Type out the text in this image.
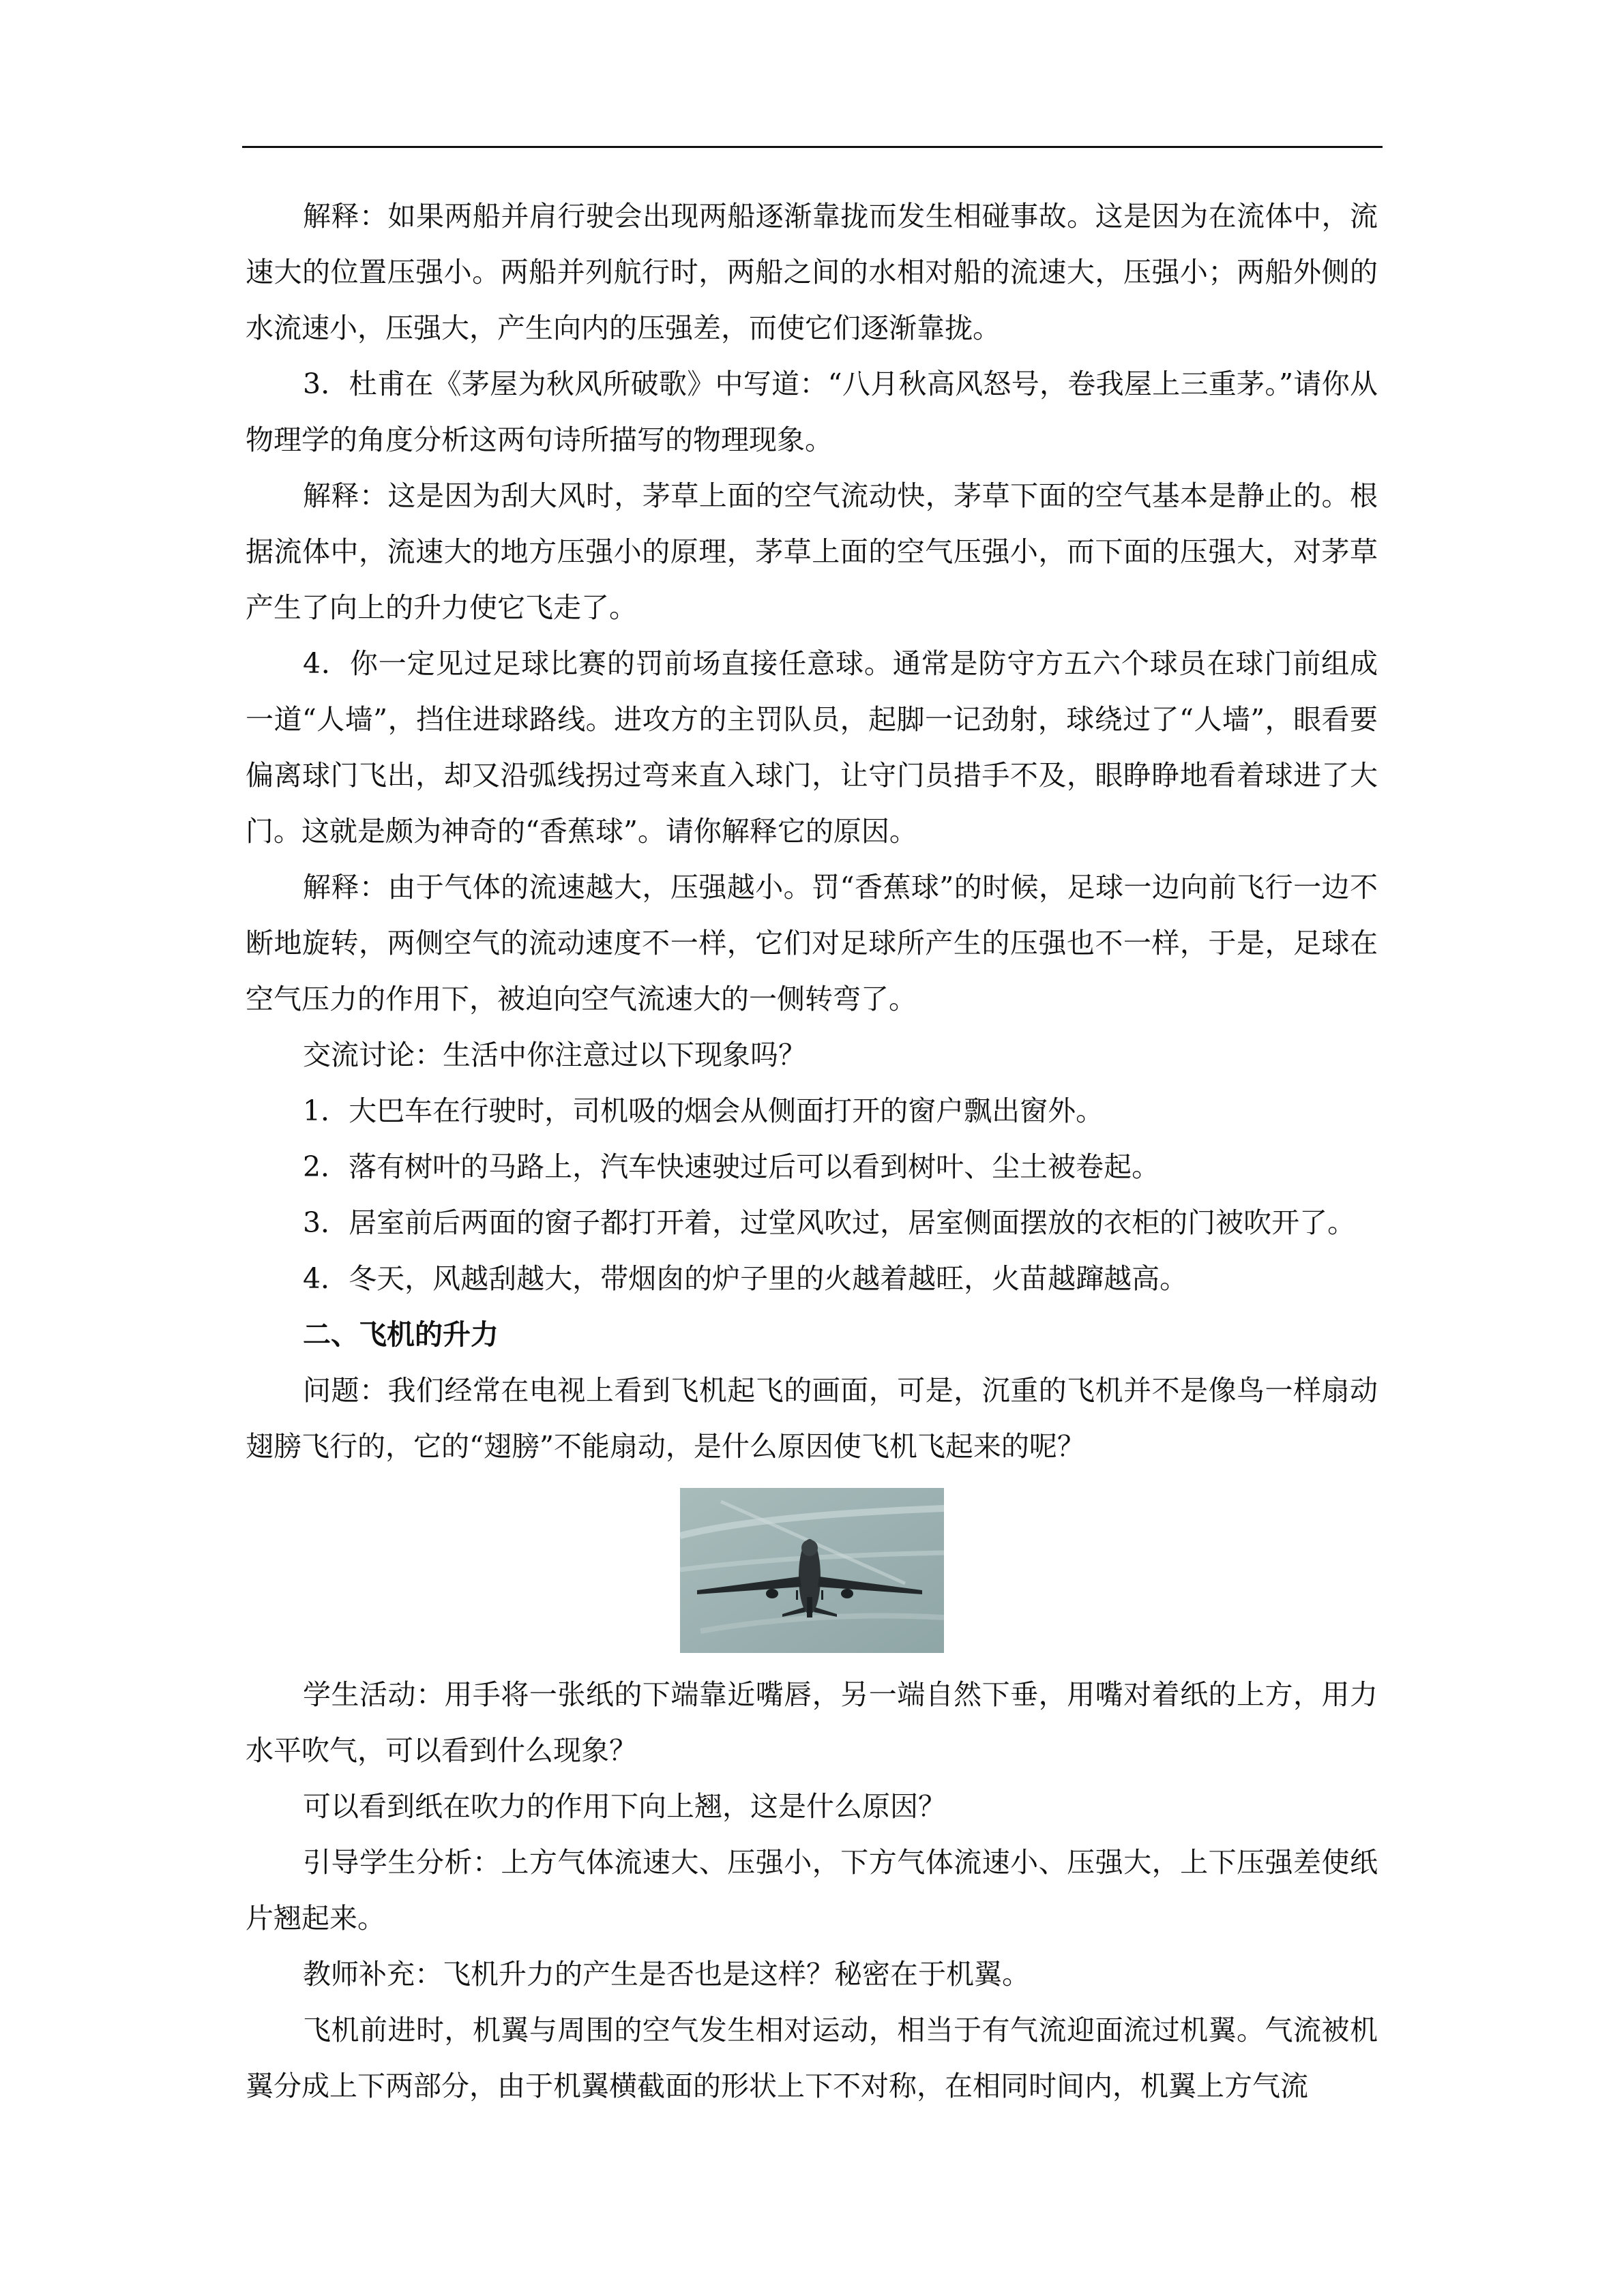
解释：如果两船并肩行驶会出现两船逐渐靠拢而发生相碰事故。这是因为在流体中，流速大的位置压强小。两船并列航行时，两船之间的水相对船的流速大，压强小；两船外侧的水流速小，压强大，产生向内的压强差，而使它们逐渐靠拢。

3．杜甫在《茅屋为秋风所破歌》中写道：“八月秋高风怒号，卷我屋上三重茅。”请你从物理学的角度分析这两句诗所描写的物理现象。

解释：这是因为刮大风时，茅草上面的空气流动快，茅草下面的空气基本是静止的。根据流体中，流速大的地方压强小的原理，茅草上面的空气压强小，而下面的压强大，对茅草产生了向上的升力使它飞走了。

4．你一定见过足球比赛的罚前场直接任意球。通常是防守方五六个球员在球门前组成一道“人墙”，挡住进球路线。进攻方的主罚队员，起脚一记劲射，球绕过了“人墙”，眼看要偏离球门飞出，却又沿弧线拐过弯来直入球门，让守门员措手不及，眼睁睁地看着球进了大门。这就是颇为神奇的“香蕉球”。请你解释它的原因。

解释：由于气体的流速越大，压强越小。罚“香蕉球”的时候，足球一边向前飞行一边不断地旋转，两侧空气的流动速度不一样，它们对足球所产生的压强也不一样，于是，足球在空气压力的作用下，被迫向空气流速大的一侧转弯了。

交流讨论：生活中你注意过以下现象吗？

1．大巴车在行驶时，司机吸的烟会从侧面打开的窗户飘出窗外。

2．落有树叶的马路上，汽车快速驶过后可以看到树叶、尘土被卷起。

3．居室前后两面的窗子都打开着，过堂风吹过，居室侧面摆放的衣柜的门被吹开了。

4．冬天，风越刮越大，带烟囱的炉子里的火越着越旺，火苗越蹿越高。

二、飞机的升力

问题：我们经常在电视上看到飞机起飞的画面，可是，沉重的飞机并不是像鸟一样扇动翅膀飞行的，它的“翅膀”不能扇动，是什么原因使飞机飞起来的呢？

学生活动：用手将一张纸的下端靠近嘴唇，另一端自然下垂，用嘴对着纸的上方，用力水平吹气，可以看到什么现象？

可以看到纸在吹力的作用下向上翘，这是什么原因？

引导学生分析：上方气体流速大、压强小，下方气体流速小、压强大，上下压强差使纸片翘起来。

教师补充：飞机升力的产生是否也是这样？秘密在于机翼。

飞机前进时，机翼与周围的空气发生相对运动，相当于有气流迎面流过机翼。气流被机翼分成上下两部分，由于机翼横截面的形状上下不对称，在相同时间内，机翼上方气流
